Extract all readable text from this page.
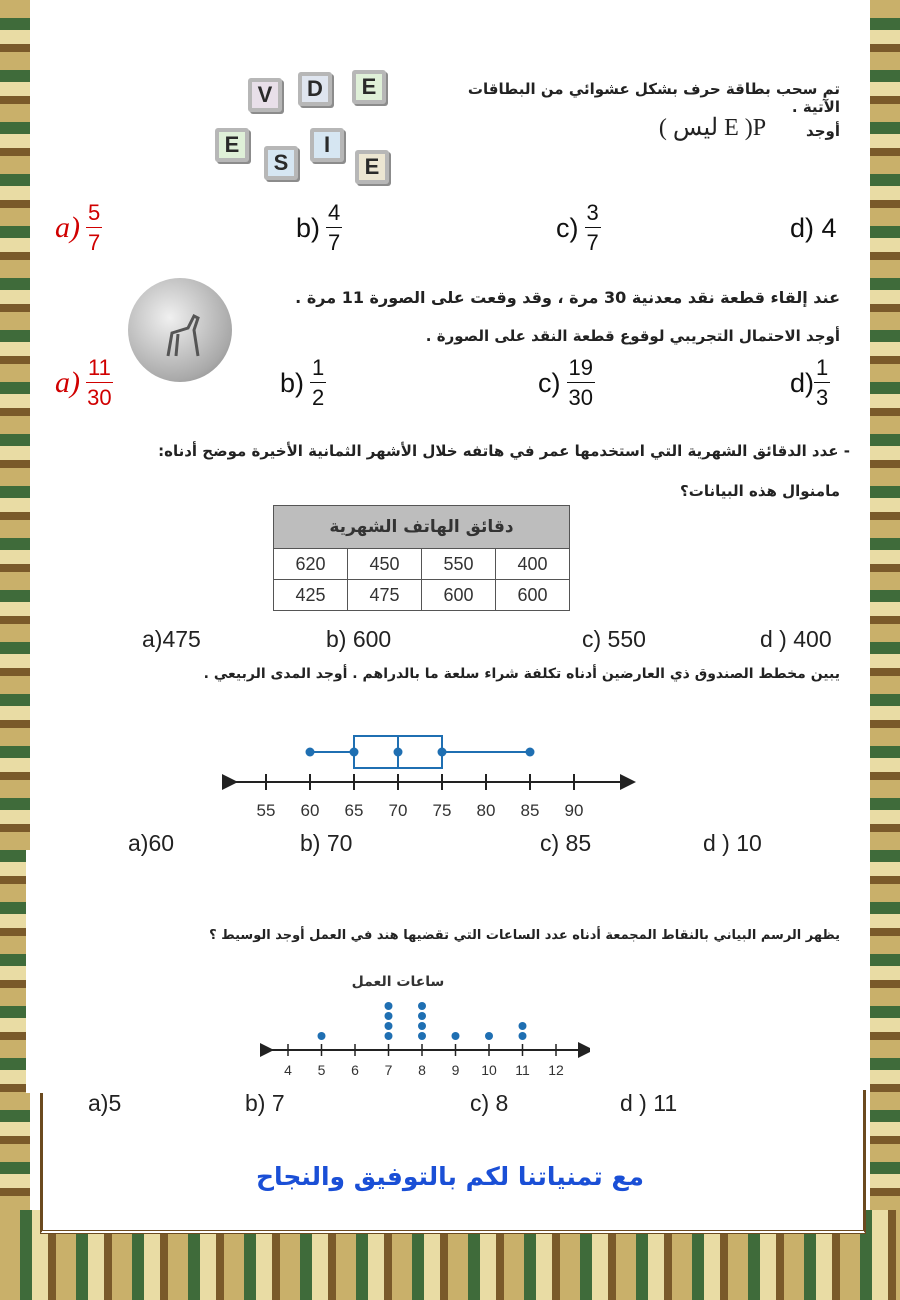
تم سحب بطاقة حرف بشكل عشوائي من البطاقات الآتية .
أوجد
P( E ليس )
V D E
E
S
I
E
$a) \frac{5}{7}$	$b) \frac{4}{7}$	$c) \frac{3}{7}$	d) 4
عند إلقاء قطعة نقد معدنية 30 مرة ، وقد وقعت على الصورة 11 مرة .
أوجد الاحتمال التجريبي لوقوع قطعة النقد على الصورة .
$a) \frac{11}{30}$	$b) \frac{1}{2}$	$c) \frac{19}{30}$	$d) \frac{1}{3}$
- عدد الدقائق الشهرية التي استخدمها عمر في هاتفه خلال الأشهر الثمانية الأخيرة موضح أدناه:
مامنوال هذه البيانات؟
دقائق الهاتف الشهرية			
620	450	550	400
425	475	600	600
a)475	b) 600	c) 550	d ) 400
يبين مخطط الصندوق ذي العارضين أدناه تكلفة شراء سلعة ما بالدراهم . أوجد المدى الربيعي .
55 60 65 70 75 80 85 90
a)60	b) 70	c) 85	d ) 10
يظهر الرسم البياني بالنقاط المجمعة أدناه عدد الساعات التي تقضيها هند في العمل أوجد الوسيط ؟
ساعات العمل
4 5 6 7 8 9 10 11 12
a)5	b) 7	c) 8	d ) 11
مع تمنياتنا لكم بالتوفيق والنجاح
